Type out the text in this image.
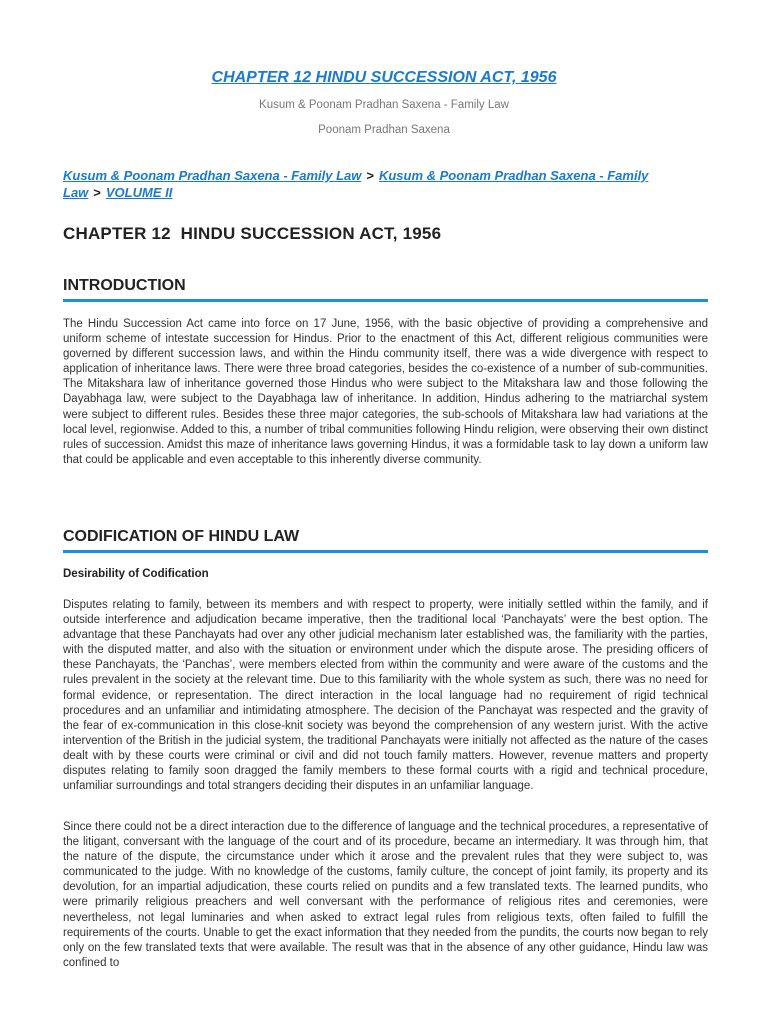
CHAPTER 12 HINDU SUCCESSION ACT, 1956
Kusum & Poonam Pradhan Saxena - Family Law
Poonam Pradhan Saxena
Kusum & Poonam Pradhan Saxena - Family Law > Kusum & Poonam Pradhan Saxena - Family Law > VOLUME II
CHAPTER 12  HINDU SUCCESSION ACT, 1956
INTRODUCTION

The Hindu Succession Act came into force on 17 June, 1956, with the basic objective of providing a comprehensive and uniform scheme of intestate succession for Hindus. Prior to the enactment of this Act, different religious communities were governed by different succession laws, and within the Hindu community itself, there was a wide divergence with respect to application of inheritance laws. There were three broad categories, besides the co-existence of a number of sub-communities. The Mitakshara law of inheritance governed those Hindus who were subject to the Mitakshara law and those following the Dayabhaga law, were subject to the Dayabhaga law of inheritance. In addition, Hindus adhering to the matriarchal system were subject to different rules. Besides these three major categories, the sub-schools of Mitakshara law had variations at the local level, regionwise. Added to this, a number of tribal communities following Hindu religion, were observing their own distinct rules of succession. Amidst this maze of inheritance laws governing Hindus, it was a formidable task to lay down a uniform law that could be applicable and even acceptable to this inherently diverse community.

CODIFICATION OF HINDU LAW
Desirability of Codification

Disputes relating to family, between its members and with respect to property, were initially settled within the family, and if outside interference and adjudication became imperative, then the traditional local ‘Panchayats’ were the best option. The advantage that these Panchayats had over any other judicial mechanism later established was, the familiarity with the parties, with the disputed matter, and also with the situation or environment under which the dispute arose. The presiding officers of these Panchayats, the ‘Panchas’, were members elected from within the community and were aware of the customs and the rules prevalent in the society at the relevant time. Due to this familiarity with the whole system as such, there was no need for formal evidence, or representation. The direct interaction in the local language had no requirement of rigid technical procedures and an unfamiliar and intimidating atmosphere. The decision of the Panchayat was respected and the gravity of the fear of ex-communication in this close-knit society was beyond the comprehension of any western jurist. With the active intervention of the British in the judicial system, the traditional Panchayats were initially not affected as the nature of the cases dealt with by these courts were criminal or civil and did not touch family matters. However, revenue matters and property disputes relating to family soon dragged the family members to these formal courts with a rigid and technical procedure, unfamiliar surroundings and total strangers deciding their disputes in an unfamiliar language.

Since there could not be a direct interaction due to the difference of language and the technical procedures, a representative of the litigant, conversant with the language of the court and of its procedure, became an intermediary. It was through him, that the nature of the dispute, the circumstance under which it arose and the prevalent rules that they were subject to, was communicated to the judge. With no knowledge of the customs, family culture, the concept of joint family, its property and its devolution, for an impartial adjudication, these courts relied on pundits and a few translated texts. The learned pundits, who were primarily religious preachers and well conversant with the performance of religious rites and ceremonies, were nevertheless, not legal luminaries and when asked to extract legal rules from religious texts, often failed to fulfill the requirements of the courts. Unable to get the exact information that they needed from the pundits, the courts now began to rely only on the few translated texts that were available. The result was that in the absence of any other guidance, Hindu law was confined to
